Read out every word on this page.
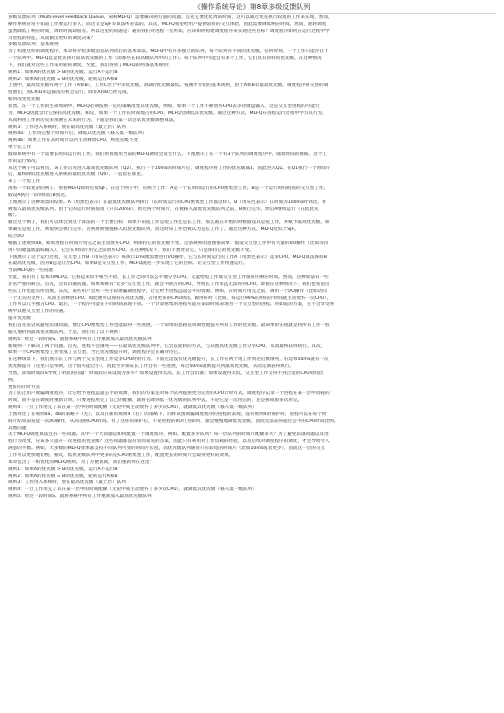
《操作系统导论》第8章多级反馈队列
多级反馈队列（Multi-level Feedback Queue，简称MLFQ）需要解决两方面的问题。首先它要优化周转时间，这可以通过优先执行较短的工作来实现。然而，
操作系统常常不知道工作要运行多久，而这又是SJF等算法所必需的。其次，MLFQ希望给用户提供较好的交互体验，因此需要降低响应时间。然而，轮转调度
虽然降低了响应时间，周转时间却很差。所以这里的问题是：通常我们对进程一无所知，应该如何构建调度程序来实现这些目标？调度程序如何在运行过程中学
习进程的特征，从而做出更好的调度决策？
多级反馈队列：基本规则
为了构建这样的调度程序，本章将介绍多级消息队列背后的基本算法。MLFQ中有许多独立的队列，每个队列有不同的优先级。任何时刻，一个工作只能存在于
一个队列中。MLFQ总是优先执行较高优先级的工作（即那些在较高级队列中的工作）。每个队列中可能会有多个工作，它们具有同样的优先级。在这种情况
下，我们就对这些工作采用轮转调度。至此，我们得到了MLFQ的两条基本规则：
规则1：如果A的优先级 > B的优先级，运行A不运行B
规则2：如果A的优先级 = B的优先级，轮转运行A和B
上图中，最高优先级有两个工作（A和B），工作C位于中等优先级，而D的优先级最低。按刚才介绍的基本规则，由于A和B有最高优先级，调度程序将交替的调
度他们，而C和D永远都没有机会运行，除非A和B已经完成。
如何改变优先级
显然，在一个工作的生命周期中，MLFQ必须按照一定的策略改变其优先级。例如，如果一个工作不断放弃CPU去等待键盘输入，这是交互型进程的可能行
为，MLFQ因此会让它保持高优先级。相反，如果一个工作长时间地占用CPU，MLFQ会降低其优先级。通过这种方式，MLFQ在进程运行过程中学习其行为，
从而利用工作的历史来预测它未来的行为。下面是我们第一次尝试优先级调整算法。
规则3：工作进入系统时，放在最高优先级（最上层）队列
规则4a：工作用完整个时间片后，降低其优先级（移入低一级队列）
规则4b：如果工作在其时间片以内主动释放CPU，则优先级不变
单个长工作
假如系统中有一个需要长时间运行的工作，我们看看使用当前的MLFQ调度会发生什么。下图展示了在一个有3个队列的调度程序中，随着时间的推移，这个工
作的运行情况。
从这个例子可以看出，该工作首先进入最高优先级队列（Q2）。执行一个10ms的时间片后，调度程序将工作的优先级减1，因此进入Q1。在Q1执行一个时间片
后，最终降低优先级进入系统的最低优先级（Q0），一直留在那里。
来了一个短工作
再看一个较复杂的例子，看看MLFQ如何近似SJF。在这个例子中，有两个工作：A是一个长时间运行的CPU密集型工作，B是一个运行时间很短的交互型工作。
假设A执行一段时间后B到达。
上图展示了这种场景的结果。A（用黑色表示）在最低优先级队列执行（长时间运行的CPU密集型工作都这样）。B（用灰色表示）在时间为100ms时到达，并
被加入最高优先级队列。由于它的运行时间很短（只有20ms），经过两个时间片，在被移入最低优先级队列之前，B执行完毕。然后A继续运行（在低优先
级）。
通过这个例子，我们可以体会到这个算法的一个主要目标：如果不知道工作是短工作还是长工作，那么就在开始的时候假设其是短工作，并赋予最高优先级。如
果确实是短工作，则很快会执行完毕，否则将被慢慢移入低优先级队列，而这时该工作也被认为是长工作了。通过这种方式，MLFQ近似于SJF。
结合I/O
根据上述规则4b，如果进程在时间片用完之前主动放弃CPU，则保持它的优先级不变。这条规则的意图很简单：假设交互型工作中有大量的I/O操作（比如等待
用户的键盘或鼠标输入），它会在时间片用完之前放弃CPU。在这种情况下，我们不想处罚它，只是保持它的优先级不变。
下图展示了这个运行过程，交互型工作B（用灰色表示）每执行1ms便需要进行I/O操作，它与长时间运行的工作A（用黑色表示）竞争CPU。MLFQ算法保持B
在最高优先级，因为B总是让出CPU。如果B是交互型工作，MLFQ就进一步实现了它的目标，让交互型工作快速运行。
当前MLFQ的一些问题
至此，我们有了基本的MLFQ。它看起来似乎相当不错，长工作之间可以公平地分享CPU，又能给短工作或交互型工作很好的响应时间。然而，这种算法有一些
非常严重的缺点。首先，会有饥饿问题。如果系统有"太多"交互型工作，就会不断占用CPU，导致长工作永远无法得到CPU。即使在这种情况下，我们也希望这
些长工作也能有所进展。其次，某些用户会用一些手段欺骗调度程序，让它给予进程远超公平的资源。例如，在时间片用完之前，调用一个I/O操作（比如访问
一个无关的文件），从而主动释放CPU。如此便可以保持在高优先级，占用更多的CPU时间。做得好时（比如，每运行99%的时间片时间就主动放弃一次CPU），
工作可以几乎独占CPU。最后，一个程序可能在不同时间表现不同。一个计算密集的进程可能在某段时间表现为一个交互型的进程。用如前的方案，它不会享受系
统中其他交互型工作的待遇。
提升优先级
我们首先来尝试避免饥饿问题。要让CPU密集型工作也能取得一些进展，一个简单的思路是周期性地提升所有工作的优先级。最简单的实现就是将所有工作一股
脑儿地扔到最高优先级队列。于是，我们有了以下规则：
规则5：经过一段时间S，就将系统中所有工作重新加入最高优先级队列
新规则一下解决了两个问题。首先，进程不会饿死——在最高优先级队列中，它会以轮转的方式，与其他高优先级工作分享CPU，从而最终获得执行。其次，
如果一个CPU密集型工作变成了交互型，当它优先级提升时，调度程序会正确对待它。
在这种场景下，我们展示长工作与两个交互型短工作竞争CPU时的行为。下面左边没有优先级提升，长工作在两个短工作到达后被饿死。右边每50ms就有一次
优先级提升（这里只是举例，这个值可能过小），因此至少保证长工作会有一些进展，每过50ms就被提升到最高优先级，从而定期获得执行。
当然，添加时间段S导致了明显的问题：时间段应该设置为多少？如果设置得太高，长工作会饥饿；如果设置得太低，交互型工作又得不到合适的CPU时间比
例。
更好的计时方式
为了防止用户欺骗调度程序，让它给予进程远超公平的资源，我们的方案是对每个队列提供更为完善的CPU计时方式。调度程序记录一个进程在某一层中消耗的
时间，而不是在调度时重新计时。只要进程用完了自己的配额，就将它降到低一优先级的队列中去。不论它是一次用完的，还是拆成很多次用完。
规则4：一旦工作用完了其在某一层中的时间配额（无论中间主动放弃了多少次CPU），就降低其优先级（移入低一级队列）
上图对比了在规则4a、4b的策略下（左），以及在新的规则4（右）的策略下，同样试图欺骗调度程序的进程的表现。没有规则4的保护时，进程可以在每个时
间片结束前发起一次I/O操作，从而垄断CPU时间。有了这样的保护后，不论进程的I/O行为如何，都会慢慢地降低优先级，因而无法获得超过公平的CPU时间比例。
其他问题
关于MLFQ调度算法还有一些问题。其中一个大问题是如何配置一个调度程序，例如，配置多少队列？每一层队列的时间片配额多大？为了避免饥饿问题以及进
程行为改变，应该多久提升一次进程的优先级？这些问题都没有显而易见的答案，因此只有利用对工作负载的经验，以及后续对调度程序的调优，才会导致令人
满意的平衡。例如，大多数的MLFQ变体都支持不同队列可变的时间片长度。高优先级队列通常只有较短的时间片（比如10ms或者更少），因而这一层的交互
工作可以更快地切换。相反，低优先级队列中更多的是CPU密集型工作，配置更长的时间片会取得更好的效果。
本章包含了一组优化的MLFQ规则。为了方便查阅，我们重新列在这里：
规则1：如果A的优先级 > B的优先级，运行A不运行B
规则2：如果A的优先级 = B的优先级，轮转运行A和B
规则3：工作进入系统时，放在最高优先级（最上层）队列
规则4：一旦工作用完了其在某一层中的时间配额（无论中间主动放弃了多少次CPU），就降低其优先级（移入低一级队列）
规则5：经过一段时间S，就将系统中所有工作重新加入最高优先级队列
